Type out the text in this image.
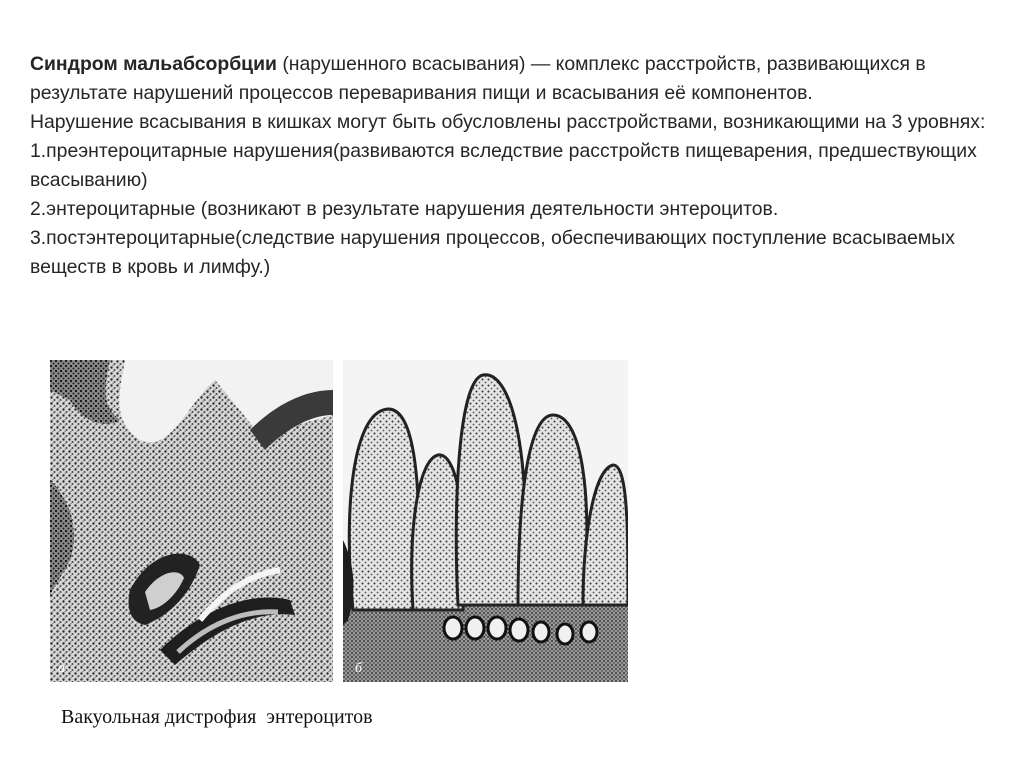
Синдром мальабсорбции (нарушенного всасывания) — комплекс расстройств, развивающихся в результате нарушений процессов переваривания пищи и всасывания её компонентов.

Нарушение всасывания в кишках могут быть обусловлены расстройствами, возникающими на 3 уровнях:

1.преэнтероцитарные нарушения(развиваются вследствие расстройств пищеварения, предшествующих всасыванию)

2.энтероцитарные (возникают в результате нарушения деятельности энтероцитов.

3.постэнтероцитарные(следствие нарушения процессов, обеспечивающих поступление всасываемых веществ в кровь и лимфу.)

а	б
Вакуольная дистрофия  энтероцитов
